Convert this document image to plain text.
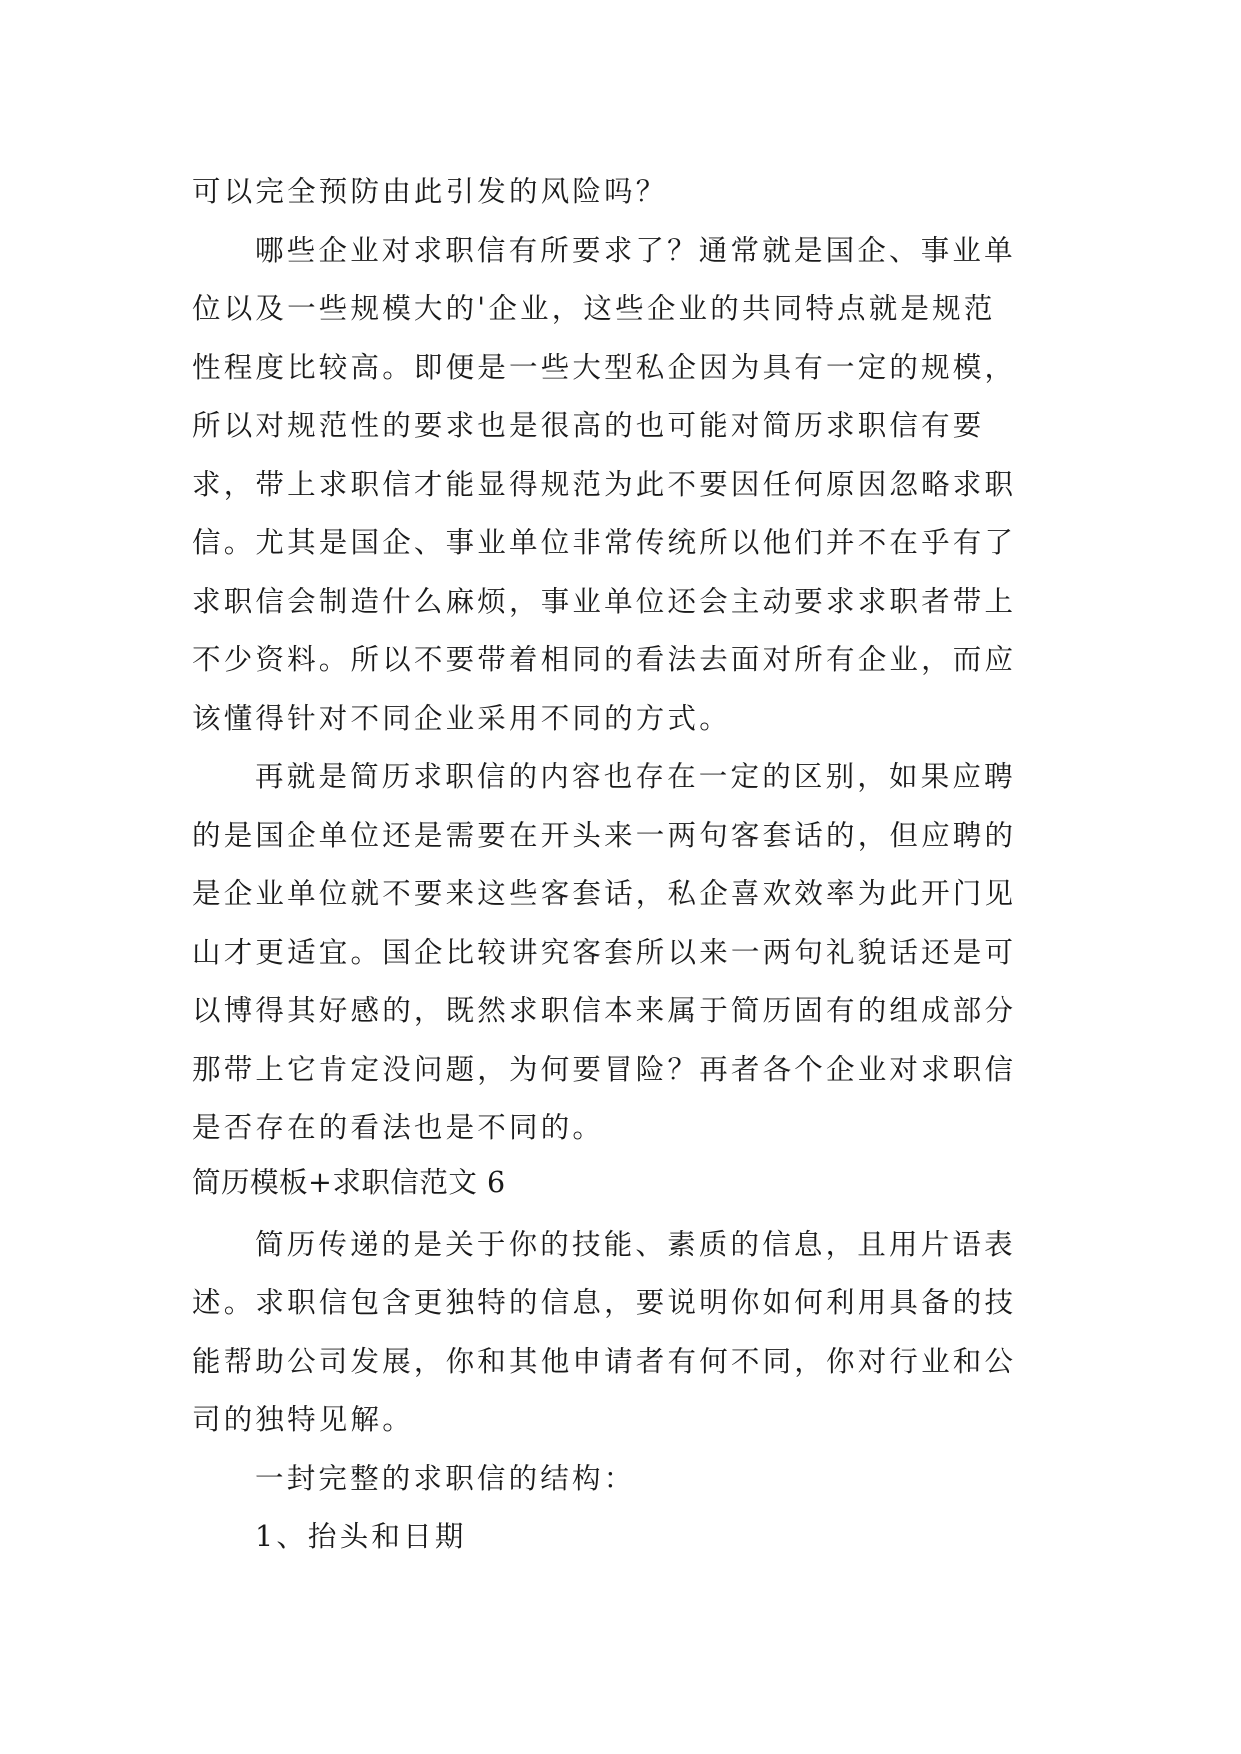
可以完全预防由此引发的风险吗？
哪些企业对求职信有所要求了？通常就是国企、事业单
位以及一些规模大的'企业，这些企业的共同特点就是规范
性程度比较高。即便是一些大型私企因为具有一定的规模，
所以对规范性的要求也是很高的也可能对简历求职信有要
求，带上求职信才能显得规范为此不要因任何原因忽略求职
信。尤其是国企、事业单位非常传统所以他们并不在乎有了
求职信会制造什么麻烦，事业单位还会主动要求求职者带上
不少资料。所以不要带着相同的看法去面对所有企业，而应
该懂得针对不同企业采用不同的方式。
再就是简历求职信的内容也存在一定的区别，如果应聘
的是国企单位还是需要在开头来一两句客套话的，但应聘的
是企业单位就不要来这些客套话，私企喜欢效率为此开门见
山才更适宜。国企比较讲究客套所以来一两句礼貌话还是可
以博得其好感的，既然求职信本来属于简历固有的组成部分
那带上它肯定没问题，为何要冒险？再者各个企业对求职信
是否存在的看法也是不同的。
简历模板+求职信范文 6
简历传递的是关于你的技能、素质的信息，且用片语表
述。求职信包含更独特的信息，要说明你如何利用具备的技
能帮助公司发展，你和其他申请者有何不同，你对行业和公
司的独特见解。
一封完整的求职信的结构：
1、抬头和日期
